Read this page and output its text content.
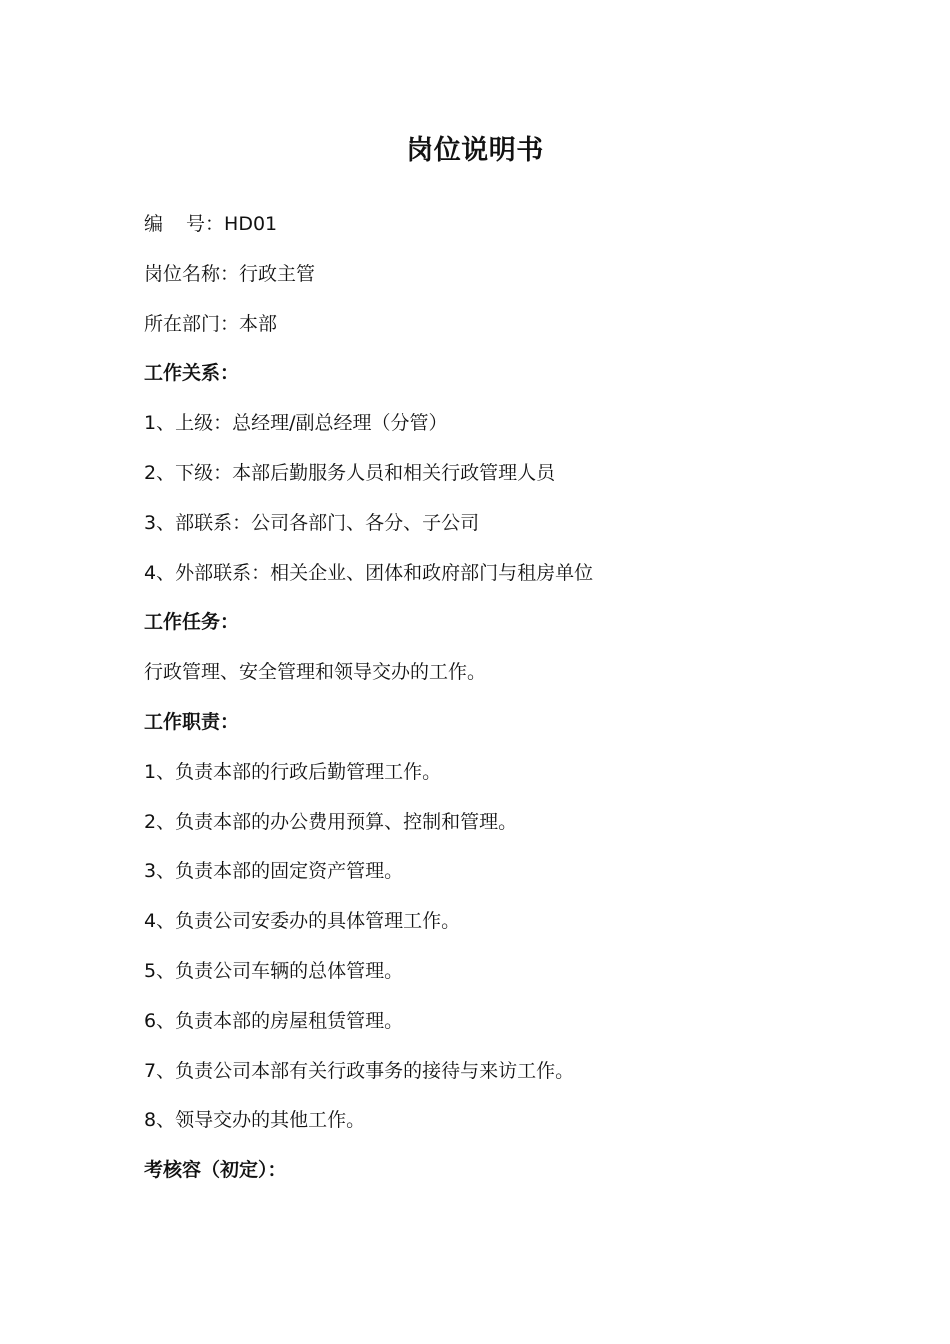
岗位说明书
编 号：HD01
岗位名称：行政主管
所在部门：本部
工作关系：
1、上级：总经理/副总经理（分管）
2、下级：本部后勤服务人员和相关行政管理人员
3、部联系：公司各部门、各分、子公司
4、外部联系：相关企业、团体和政府部门与租房单位
工作任务：
行政管理、安全管理和领导交办的工作。
工作职责：
1、负责本部的行政后勤管理工作。
2、负责本部的办公费用预算、控制和管理。
3、负责本部的固定资产管理。
4、负责公司安委办的具体管理工作。
5、负责公司车辆的总体管理。
6、负责本部的房屋租赁管理。
7、负责公司本部有关行政事务的接待与来访工作。
8、领导交办的其他工作。
考核容（初定）：
